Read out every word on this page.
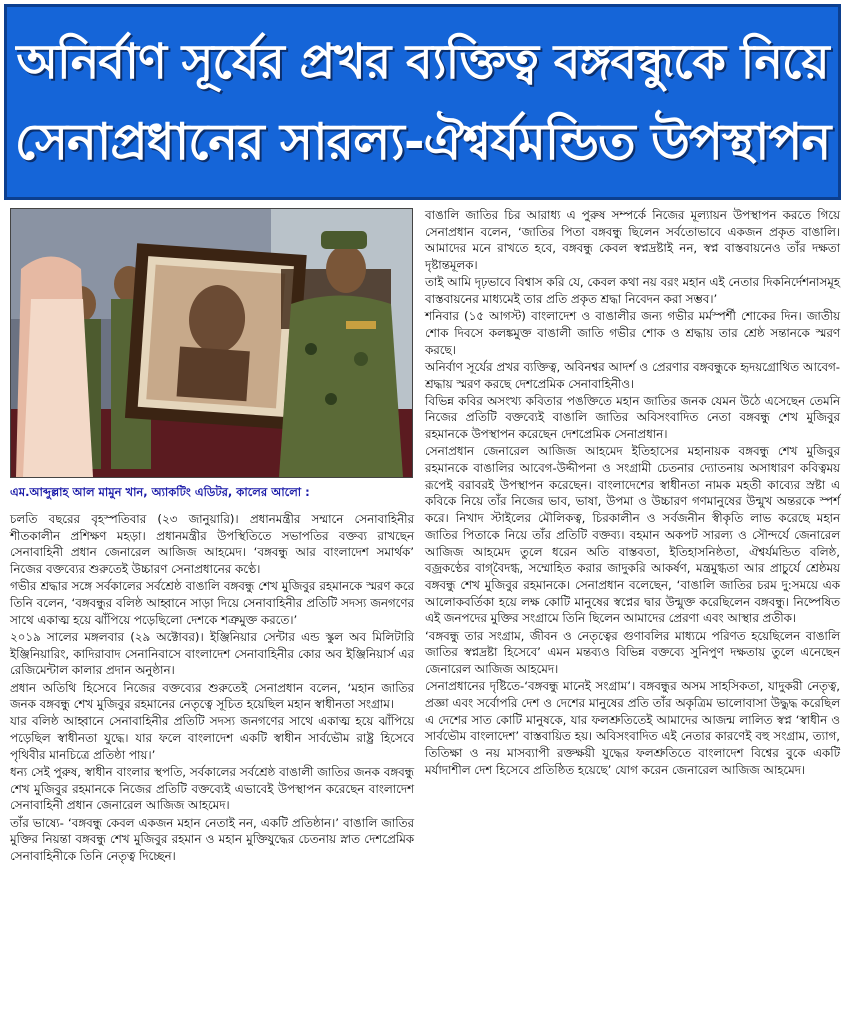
অনির্বাণ সূর্যের প্রখর ব্যক্তিত্ব বঙ্গবন্ধুকে নিয়ে
সেনাপ্রধানের সারল্য-ঐশ্বর্যমন্ডিত উপস্থাপন
এম.আব্দুল্লাহ আল মামুন খান, অ্যাকটিং এডিটর, কালের আলো :

চলতি বছরের বৃহস্পতিবার (২৩ জানুয়ারি)। প্রধানমন্ত্রীর সম্মানে সেনাবাহিনীর শীতকালীন প্রশিক্ষণ মহড়া। প্রধানমন্ত্রীর উপস্থিতিতে সভাপতির বক্তব্য রাখছেন সেনাবাহিনী প্রধান জেনারেল আজিজ আহমেদ। ‘বঙ্গবন্ধু আর বাংলাদেশ সমার্থক’ নিজের বক্তব্যের শুরুতেই উচ্চারণ সেনাপ্রধানের কণ্ঠে।

গভীর শ্রদ্ধার সঙ্গে সর্বকালের সর্বশ্রেষ্ঠ বাঙালি বঙ্গবন্ধু শেখ মুজিবুর রহমানকে স্মরণ করে তিনি বলেন, ‘বঙ্গবন্ধুর বলিষ্ঠ আহ্বানে সাড়া দিয়ে সেনাবাহিনীর প্রতিটি সদস্য জনগণের সাথে একাত্ম হয়ে ঝাঁপিয়ে পড়েছিলো দেশকে শত্রুমুক্ত করতে।’

২০১৯ সালের মঙ্গলবার (২৯ অক্টোবর)। ইঞ্জিনিয়ার সেন্টার এন্ড স্কুল অব মিলিটারি ইঞ্জিনিয়ারিং, কাদিরাবাদ সেনানিবাসে বাংলাদেশ সেনাবাহিনীর কোর অব ইঞ্জিনিয়ার্স এর রেজিমেন্টাল কালার প্রদান অনুষ্ঠান।

প্রধান অতিথি হিসেবে নিজের বক্তব্যের শুরুতেই সেনাপ্রধান বলেন, ‘মহান জাতির জনক বঙ্গবন্ধু শেখ মুজিবুর রহমানের নেতৃত্বে সূচিত হয়েছিল মহান স্বাধীনতা সংগ্রাম।

যার বলিষ্ঠ আহ্বানে সেনাবাহিনীর প্রতিটি সদস্য জনগণের সাথে একাত্ম হয়ে ঝাঁপিয়ে পড়েছিল স্বাধীনতা যুদ্ধে। যার ফলে বাংলাদেশ একটি স্বাধীন সার্বভৌম রাষ্ট্র হিসেবে পৃথিবীর মানচিত্রে প্রতিষ্ঠা পায়।’

ধন্য সেই পুরুষ, স্বাধীন বাংলার স্থপতি, সর্বকালের সর্বশ্রেষ্ঠ বাঙালী জাতির জনক বঙ্গবন্ধু শেখ মুজিবুর রহমানকে নিজের প্রতিটি বক্তব্যেই এভাবেই উপস্থাপন করেছেন বাংলাদেশ সেনাবাহিনী প্রধান জেনারেল আজিজ আহমেদ।

তাঁর ভাষ্যে- ‘বঙ্গবন্ধু কেবল একজন মহান নেতাই নন, একটি প্রতিষ্ঠান।’ বাঙালি জাতির মুক্তির নিয়ন্তা বঙ্গবন্ধু শেখ মুজিবুর রহমান ও মহান মুক্তিযুদ্ধের চেতনায় স্নাত দেশপ্রেমিক সেনাবাহিনীকে তিনি নেতৃত্ব দিচ্ছেন।

বাঙালি জাতির চির আরাধ্য এ পুরুষ সম্পর্কে নিজের মূল্যায়ন উপস্থাপন করতে গিয়ে সেনাপ্রধান বলেন, ‘জাতির পিতা বঙ্গবন্ধু ছিলেন সর্বতোভাবে একজন প্রকৃত বাঙালি। আমাদের মনে রাখতে হবে, বঙ্গবন্ধু কেবল স্বপ্নদ্রষ্টাই নন, স্বপ্ন বাস্তবায়নেও তাঁর দক্ষতা দৃষ্টান্তমূলক।

তাই আমি দৃঢ়ভাবে বিশ্বাস করি যে, কেবল কথা নয় বরং মহান এই নেতার দিকনির্দেশনাসমূহ বাস্তবায়নের মাধ্যমেই তার প্রতি প্রকৃত শ্রদ্ধা নিবেদন করা সম্ভব।’

শনিবার (১৫ আগস্ট) বাংলাদেশ ও বাঙালীর জন্য গভীর মর্মস্পর্শী শোকের দিন। জাতীয় শোক দিবসে কলঙ্কমুক্ত বাঙালী জাতি গভীর শোক ও শ্রদ্ধায় তার শ্রেষ্ঠ সন্তানকে স্মরণ করছে।

অনির্বাণ সূর্যের প্রখর ব্যক্তিত্ব, অবিনশ্বর আদর্শ ও প্রেরণার বঙ্গবন্ধুকে হৃদয়গ্রোথিত আবেগ-শ্রদ্ধায় স্মরণ করছে দেশপ্রেমিক সেনাবাহিনীও।

বিভিন্ন কবির অসংখ্য কবিতার পঙক্তিতে মহান জাতির জনক যেমন উঠে এসেছেন তেমনি নিজের প্রতিটি বক্তব্যেই বাঙালি জাতির অবিসংবাদিত নেতা বঙ্গবন্ধু শেখ মুজিবুর রহমানকে উপস্থাপন করেছেন দেশপ্রেমিক সেনাপ্রধান।

সেনাপ্রধান জেনারেল আজিজ আহমেদ ইতিহাসের মহানায়ক বঙ্গবন্ধু শেখ মুজিবুর রহমানকে বাঙালির আবেগ-উদ্দীপনা ও সংগ্রামী চেতনার দ্যোতনায় অসাধারণ কবিত্বময় রূপেই বরাবরই উপস্থাপন করেছেন। বাংলাদেশের স্বাধীনতা নামক মহতী কাব্যের স্রষ্টা এ কবিকে নিয়ে তাঁর নিজের ভাব, ভাষা, উপমা ও উচ্চারণ গণমানুষের উন্মুখ অন্তরকে স্পর্শ করে। নিখাদ স্টাইলের মৌলিকত্ব, চিরকালীন ও সর্বজনীন স্বীকৃতি লাভ করেছে মহান জাতির পিতাকে নিয়ে তাঁর প্রতিটি বক্তব্য। বহমান অকপট সারল্য ও সৌন্দর্যে জেনারেল আজিজ আহমেদ তুলে ধরেন অতি বাস্তবতা, ইতিহাসনিষ্ঠতা, ঐশ্বর্যমন্ডিত বলিষ্ঠ, বজ্রকণ্ঠের বাগ্‌বৈদগ্ধ, সম্মোহিত করার জাদুকরি আকর্ষণ, মন্ত্রমুগ্ধতা আর প্রাচুর্যে শ্রেষ্ঠময় বঙ্গবন্ধু শেখ মুজিবুর রহমানকে। সেনাপ্রধান বলেছেন, ‘বাঙালি জাতির চরম দু:সময়ে এক আলোকবর্তিকা হয়ে লক্ষ কোটি মানুষের স্বপ্নের দ্বার উন্মুক্ত করেছিলেন বঙ্গবন্ধু। নিষ্পেষিত এই জনপদের মুক্তির সংগ্রামে তিনি ছিলেন আমাদের প্রেরণা এবং আস্থার প্রতীক।

‘বঙ্গবন্ধু তার সংগ্রাম, জীবন ও নেতৃত্বের গুণাবলির মাধ্যমে পরিণত হয়েছিলেন বাঙালি জাতির স্বপ্নদ্রষ্টা হিসেবে’ এমন মন্তব্যও বিভিন্ন বক্তব্যে সুনিপুণ দক্ষতায় তুলে এনেছেন জেনারেল আজিজ আহমেদ।

সেনাপ্রধানের দৃষ্টিতে-‘বঙ্গবন্ধু মানেই সংগ্রাম’। বঙ্গবন্ধুর অসম সাহসিকতা, যাদুকরী নেতৃত্ব, প্রজ্ঞা এবং সর্বোপরি দেশ ও দেশের মানুষের প্রতি তাঁর অকৃত্রিম ভালোবাসা উদ্ধুদ্ধ করেছিল এ দেশের সাত কোটি মানুষকে, যার ফলশ্রুতিতেই আমাদের আজন্ম লালিত স্বপ্ন ‘স্বাধীন ও সার্বভৌম বাংলাদেশ’ বাস্তবায়িত হয়। অবিসংবাদিত এই নেতার কারণেই বহু সংগ্রাম, ত্যাগ, তিতিক্ষা ও নয় মাসব্যাপী রক্তক্ষয়ী যুদ্ধের ফলশ্রুতিতে বাংলাদেশ বিশ্বের বুকে একটি মর্যাদাশীল দেশ হিসেবে প্রতিষ্ঠিত হয়েছে’ যোগ করেন জেনারেল আজিজ আহমেদ।
